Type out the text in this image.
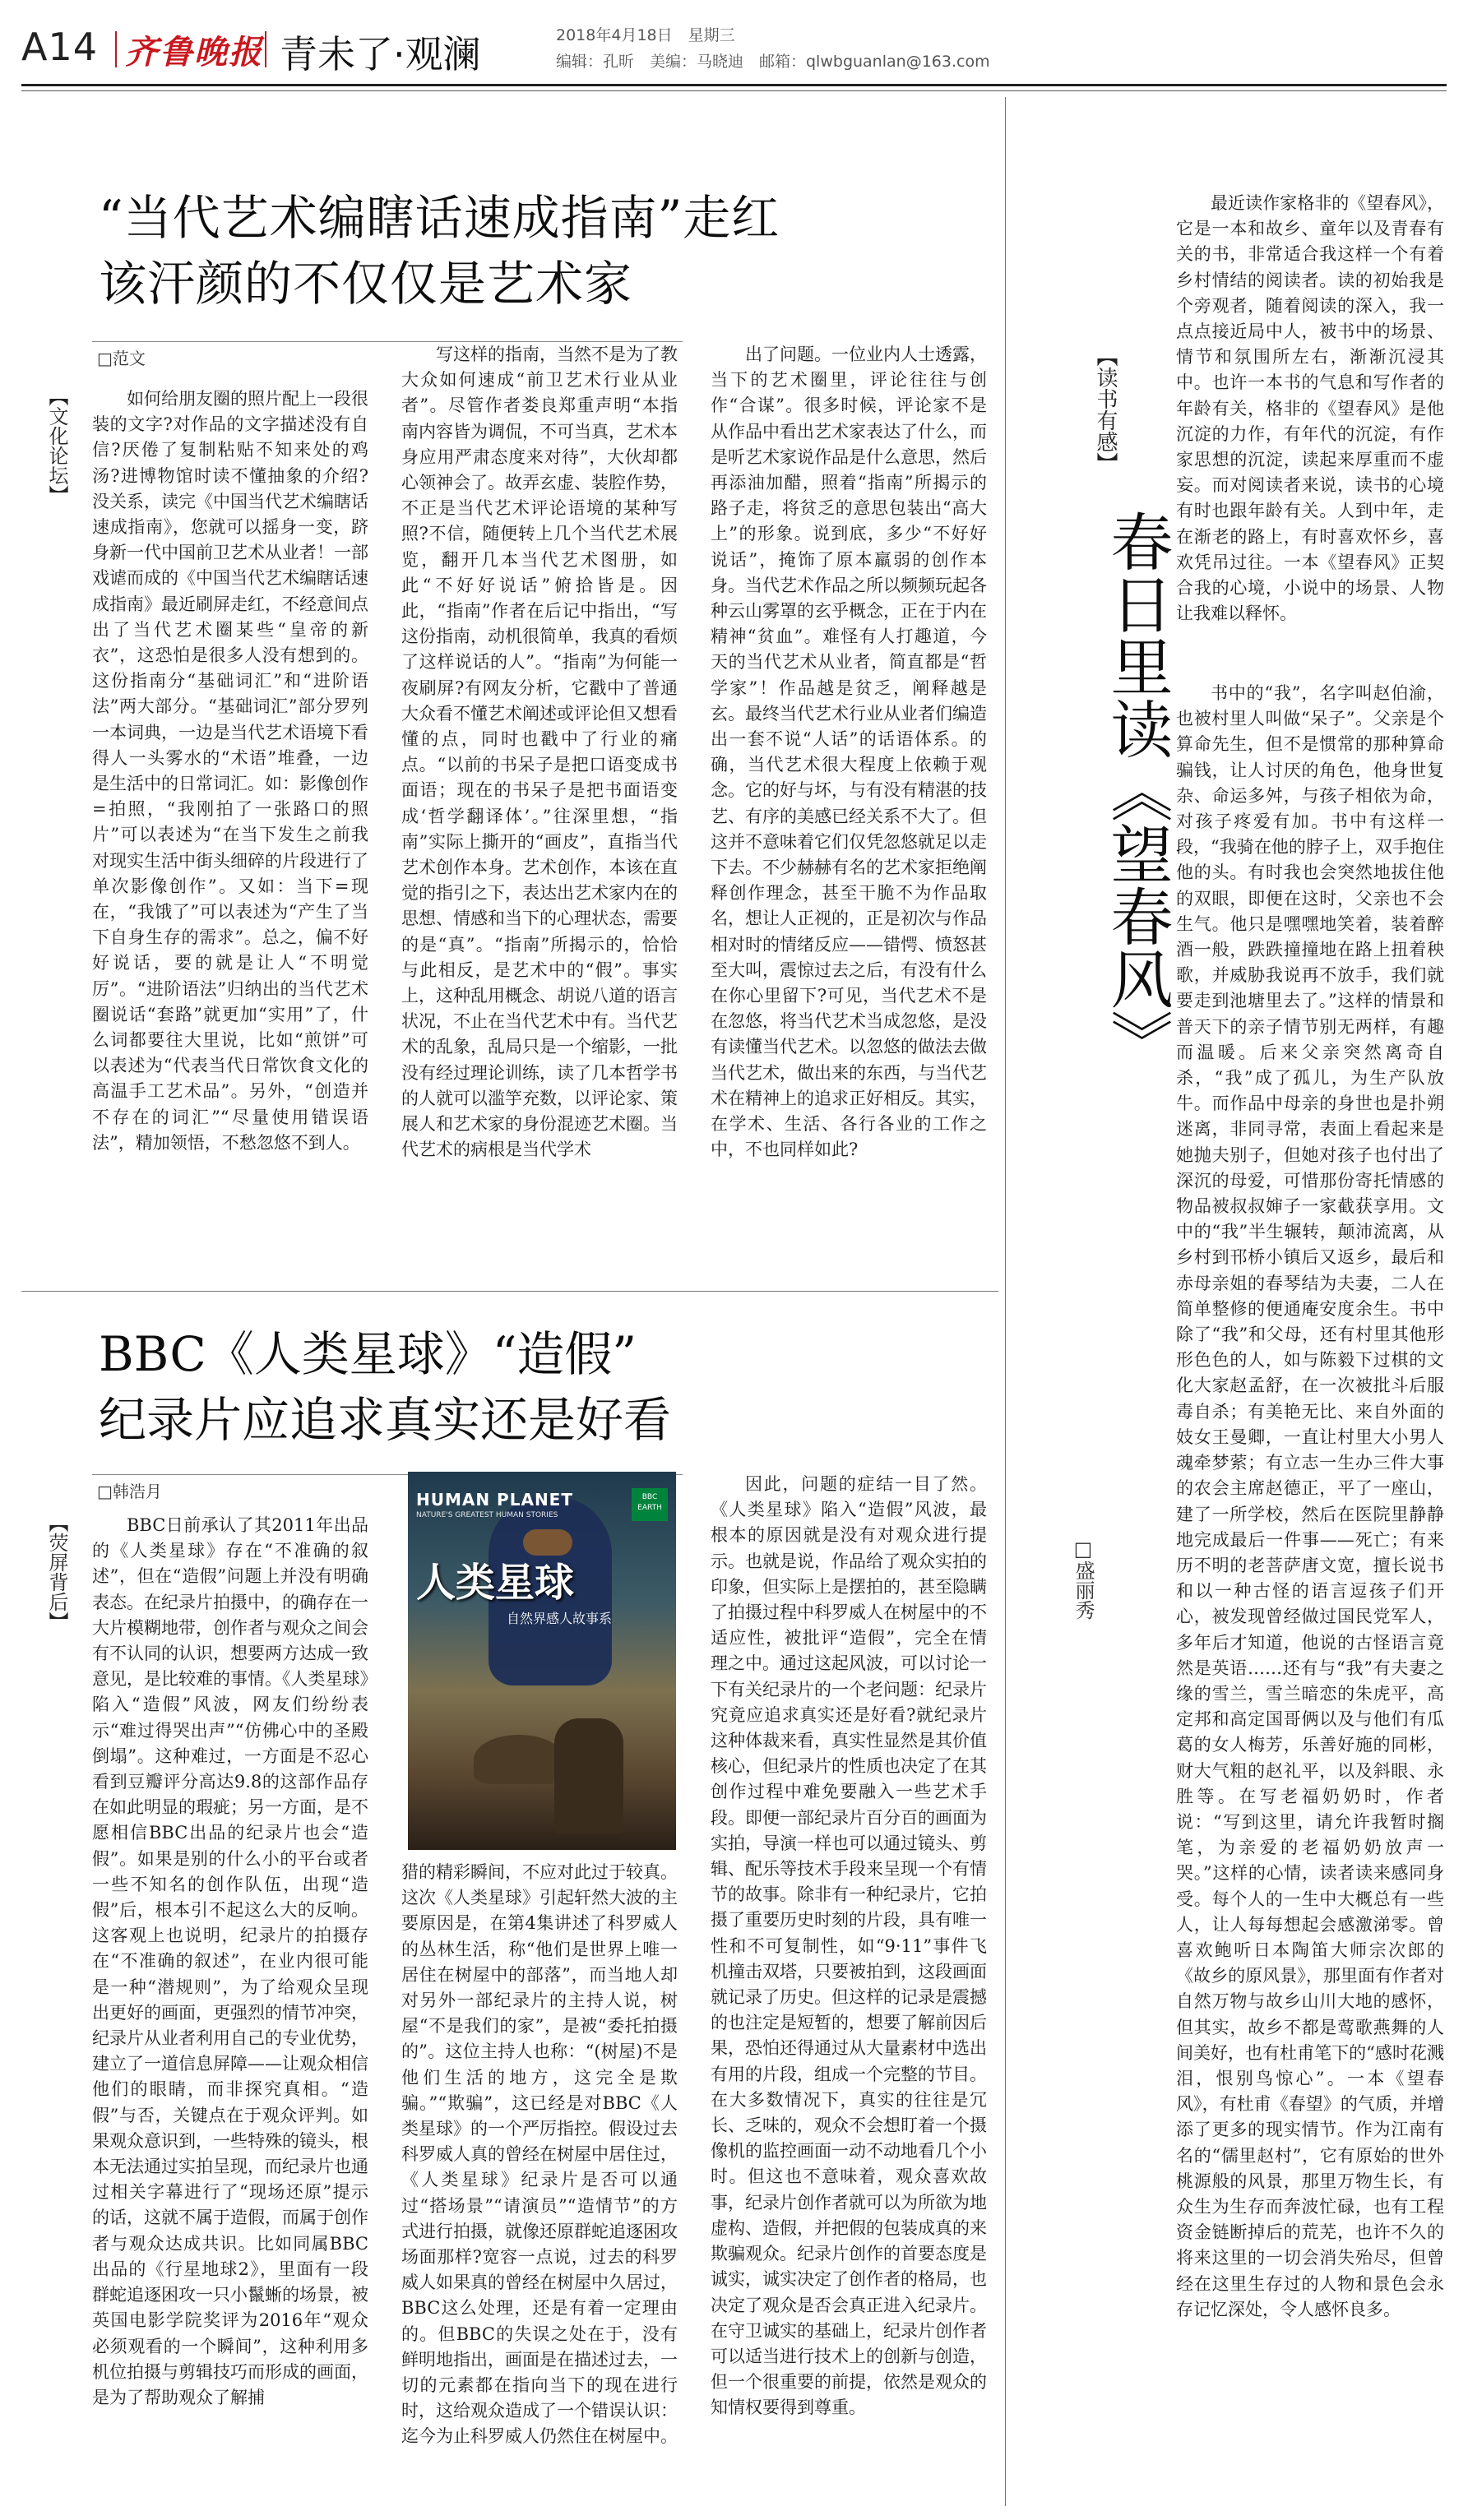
A14 齐鲁晚报 青未了·观澜	2018年4月18日　星期三
编辑：孔昕　美编：马晓迪　邮箱：qlwbguanlan@163.com
“当代艺术编瞎话速成指南”走红
该汗颜的不仅仅是艺术家
□范文
【文化论坛】	如何给朋友圈的照片配上一段很装的文字?对作品的文字描述没有自信?厌倦了复制粘贴不知来处的鸡汤?进博物馆时读不懂抽象的介绍?没关系，读完《中国当代艺术编瞎话速成指南》，您就可以摇身一变，跻身新一代中国前卫艺术从业者！一部戏谑而成的《中国当代艺术编瞎话速成指南》最近刷屏走红，不经意间点出了当代艺术圈某些“皇帝的新衣”，这恐怕是很多人没有想到的。这份指南分“基础词汇”和“进阶语法”两大部分。“基础词汇”部分罗列一本词典，一边是当代艺术语境下看得人一头雾水的“术语”堆叠，一边是生活中的日常词汇。如：影像创作=拍照，“我刚拍了一张路口的照片”可以表述为“在当下发生之前我对现实生活中街头细碎的片段进行了单次影像创作”。又如：当下=现在，“我饿了”可以表述为“产生了当下自身生存的需求”。总之，偏不好好说话，要的就是让人“不明觉厉”。“进阶语法”归纳出的当代艺术圈说话“套路”就更加“实用”了，什么词都要往大里说，比如“煎饼”可以表述为“代表当代日常饮食文化的高温手工艺术品”。另外，“创造并不存在的词汇”“尽量使用错误语法”，精加领悟，不愁忽悠不到人。

写这样的指南，当然不是为了教大众如何速成“前卫艺术行业从业者”。尽管作者娄良郑重声明“本指南内容皆为调侃，不可当真，艺术本身应用严肃态度来对待”，大伙却都心领神会了。故弄玄虚、装腔作势，不正是当代艺术评论语境的某种写照?不信，随便转上几个当代艺术展览，翻开几本当代艺术图册，如此“不好好说话”俯拾皆是。因此，“指南”作者在后记中指出，“写这份指南，动机很简单，我真的看烦了这样说话的人”。“指南”为何能一夜刷屏?有网友分析，它戳中了普通大众看不懂艺术阐述或评论但又想看懂的点，同时也戳中了行业的痛点。“以前的书呆子是把口语变成书面语；现在的书呆子是把书面语变成‘哲学翻译体’。”往深里想，“指南”实际上撕开的“画皮”，直指当代艺术创作本身。艺术创作，本该在直觉的指引之下，表达出艺术家内在的思想、情感和当下的心理状态，需要的是“真”。“指南”所揭示的，恰恰与此相反，是艺术中的“假”。事实上，这种乱用概念、胡说八道的语言状况，不止在当代艺术中有。当代艺术的乱象，乱局只是一个缩影，一批没有经过理论训练，读了几本哲学书的人就可以滥竽充数，以评论家、策展人和艺术家的身份混迹艺术圈。当代艺术的病根是当代学术

出了问题。一位业内人士透露，当下的艺术圈里，评论往往与创作“合谋”。很多时候，评论家不是从作品中看出艺术家表达了什么，而是听艺术家说作品是什么意思，然后再添油加醋，照着“指南”所揭示的路子走，将贫乏的意思包装出“高大上”的形象。说到底，多少“不好好说话”，掩饰了原本羸弱的创作本身。当代艺术作品之所以频频玩起各种云山雾罩的玄乎概念，正在于内在精神“贫血”。难怪有人打趣道，今天的当代艺术从业者，简直都是“哲学家”！作品越是贫乏，阐释越是玄。最终当代艺术行业从业者们编造出一套不说“人话”的话语体系。的确，当代艺术很大程度上依赖于观念。它的好与坏，与有没有精湛的技艺、有序的美感已经关系不大了。但这并不意味着它们仅凭忽悠就足以走下去。不少赫赫有名的艺术家拒绝阐释创作理念，甚至干脆不为作品取名，想让人正视的，正是初次与作品相对时的情绪反应——错愕、愤怒甚至大叫，震惊过去之后，有没有什么在你心里留下?可见，当代艺术不是在忽悠，将当代艺术当成忽悠，是没有读懂当代艺术。以忽悠的做法去做当代艺术，做出来的东西，与当代艺术在精神上的追求正好相反。其实，在学术、生活、各行各业的工作之中，不也同样如此?

BBC《人类星球》“造假”
纪录片应追求真实还是好看
□韩浩月
【荧屏背后】	BBC日前承认了其2011年出品的《人类星球》存在“不准确的叙述”，但在“造假”问题上并没有明确表态。在纪录片拍摄中，的确存在一大片模糊地带，创作者与观众之间会有不认同的认识，想要两方达成一致意见，是比较难的事情。《人类星球》陷入“造假”风波，网友们纷纷表示“难过得哭出声”“仿佛心中的圣殿倒塌”。这种难过，一方面是不忍心看到豆瓣评分高达9.8的这部作品存在如此明显的瑕疵；另一方面，是不愿相信BBC出品的纪录片也会“造假”。如果是别的什么小的平台或者一些不知名的创作队伍，出现“造假”后，根本引不起这么大的反响。这客观上也说明，纪录片的拍摄存在“不准确的叙述”，在业内很可能是一种“潜规则”，为了给观众呈现出更好的画面，更强烈的情节冲突，纪录片从业者利用自己的专业优势，建立了一道信息屏障——让观众相信他们的眼睛，而非探究真相。“造假”与否，关键点在于观众评判。如果观众意识到，一些特殊的镜头，根本无法通过实拍呈现，而纪录片也通过相关字幕进行了“现场还原”提示的话，这就不属于造假，而属于创作者与观众达成共识。比如同属BBC出品的《行星地球2》，里面有一段群蛇追逐困攻一只小鬣蜥的场景，被英国电影学院奖评为2016年“观众必须观看的一个瞬间”，这种利用多机位拍摄与剪辑技巧而形成的画面，是为了帮助观众了解捕

HUMAN PLANET
NATURE'S GREATEST HUMAN STORIES
人类星球
自然界感人故事系
BBC EARTH

猎的精彩瞬间，不应对此过于较真。这次《人类星球》引起轩然大波的主要原因是，在第4集讲述了科罗威人的丛林生活，称“他们是世界上唯一居住在树屋中的部落”，而当地人却对另外一部纪录片的主持人说，树屋“不是我们的家”，是被“委托拍摄的”。这位主持人也称：“(树屋)不是他们生活的地方，这完全是欺骗。”“欺骗”，这已经是对BBC《人类星球》的一个严厉指控。假设过去科罗威人真的曾经在树屋中居住过，《人类星球》纪录片是否可以通过“搭场景”“请演员”“造情节”的方式进行拍摄，就像还原群蛇追逐困攻场面那样?宽容一点说，过去的科罗威人如果真的曾经在树屋中久居过，BBC这么处理，还是有着一定理由的。但BBC的失误之处在于，没有鲜明地指出，画面是在描述过去，一切的元素都在指向当下的现在进行时，这给观众造成了一个错误认识：迄今为止科罗威人仍然住在树屋中。

因此，问题的症结一目了然。《人类星球》陷入“造假”风波，最根本的原因就是没有对观众进行提示。也就是说，作品给了观众实拍的印象，但实际上是摆拍的，甚至隐瞒了拍摄过程中科罗威人在树屋中的不适应性，被批评“造假”，完全在情理之中。通过这起风波，可以讨论一下有关纪录片的一个老问题：纪录片究竟应追求真实还是好看?就纪录片这种体裁来看，真实性显然是其价值核心，但纪录片的性质也决定了在其创作过程中难免要融入一些艺术手段。即便一部纪录片百分百的画面为实拍，导演一样也可以通过镜头、剪辑、配乐等技术手段来呈现一个有情节的故事。除非有一种纪录片，它拍摄了重要历史时刻的片段，具有唯一性和不可复制性，如“9·11”事件飞机撞击双塔，只要被拍到，这段画面就记录了历史。但这样的记录是震撼的也注定是短暂的，想要了解前因后果，恐怕还得通过从大量素材中选出有用的片段，组成一个完整的节目。在大多数情况下，真实的往往是冗长、乏味的，观众不会想盯着一个摄像机的监控画面一动不动地看几个小时。但这也不意味着，观众喜欢故事，纪录片创作者就可以为所欲为地虚构、造假，并把假的包装成真的来欺骗观众。纪录片创作的首要态度是诚实，诚实决定了创作者的格局，也决定了观众是否会真正进入纪录片。在守卫诚实的基础上，纪录片创作者可以适当进行技术上的创新与创造，但一个很重要的前提，依然是观众的知情权要得到尊重。

最近读作家格非的《望春风》，它是一本和故乡、童年以及青春有关的书，非常适合我这样一个有着乡村情结的阅读者。读的初始我是个旁观者，随着阅读的深入，我一点点接近局中人，被书中的场景、情节和氛围所左右，渐渐沉浸其中。也许一本书的气息和写作者的年龄有关，格非的《望春风》是他沉淀的力作，有年代的沉淀，有作家思想的沉淀，读起来厚重而不虚妄。而对阅读者来说，读书的心境有时也跟年龄有关。人到中年，走在渐老的路上，有时喜欢怀乡，喜欢凭吊过往。一本《望春风》正契合我的心境，小说中的场景、人物让我难以释怀。

【读书有感】
春日里读《望春风》
□盛丽秀

书中的“我”，名字叫赵伯渝，也被村里人叫做“呆子”。父亲是个算命先生，但不是惯常的那种算命骗钱，让人讨厌的角色，他身世复杂、命运多舛，与孩子相依为命，对孩子疼爱有加。书中有这样一段，“我骑在他的脖子上，双手抱住他的头。有时我也会突然地拔住他的双眼，即便在这时，父亲也不会生气。他只是嘿嘿地笑着，装着醉酒一般，跌跌撞撞地在路上扭着秧歌，并威胁我说再不放手，我们就要走到池塘里去了。”这样的情景和普天下的亲子情节别无两样，有趣而温暖。后来父亲突然离奇自杀，“我”成了孤儿，为生产队放牛。而作品中母亲的身世也是扑朔迷离，非同寻常，表面上看起来是她抛夫别子，但她对孩子也付出了深沉的母爱，可惜那份寄托情感的物品被叔叔婶子一家截获享用。文中的“我”半生辗转，颠沛流离，从乡村到邗桥小镇后又返乡，最后和赤母亲姐的春琴结为夫妻，二人在简单整修的便通庵安度余生。书中除了“我”和父母，还有村里其他形形色色的人，如与陈毅下过棋的文化大家赵孟舒，在一次被批斗后服毒自杀；有美艳无比、来自外面的妓女王曼卿，一直让村里大小男人魂牵梦萦；有立志一生办三件大事的农会主席赵德正，平了一座山，建了一所学校，然后在医院里静静地完成最后一件事——死亡；有来历不明的老菩萨唐文宽，擅长说书和以一种古怪的语言逗孩子们开心，被发现曾经做过国民党军人，多年后才知道，他说的古怪语言竟然是英语……还有与“我”有夫妻之缘的雪兰，雪兰暗恋的朱虎平，高定邦和高定国哥俩以及与他们有瓜葛的女人梅芳，乐善好施的同彬，财大气粗的赵礼平，以及斜眼、永胜等。在写老福奶奶时，作者说：“写到这里，请允许我暂时搁笔，为亲爱的老福奶奶放声一哭。”这样的心情，读者读来感同身受。每个人的一生中大概总有一些人，让人每每想起会感激涕零。曾喜欢鲍听日本陶笛大师宗次郎的《故乡的原风景》，那里面有作者对自然万物与故乡山川大地的感怀，但其实，故乡不都是莺歌燕舞的人间美好，也有杜甫笔下的“感时花溅泪，恨别鸟惊心”。一本《望春风》，有杜甫《春望》的气质，并增添了更多的现实情节。作为江南有名的“儒里赵村”，它有原始的世外桃源般的风景，那里万物生长，有众生为生存而奔波忙碌，也有工程资金链断掉后的荒芜，也许不久的将来这里的一切会消失殆尽，但曾经在这里生存过的人物和景色会永存记忆深处，令人感怀良多。
